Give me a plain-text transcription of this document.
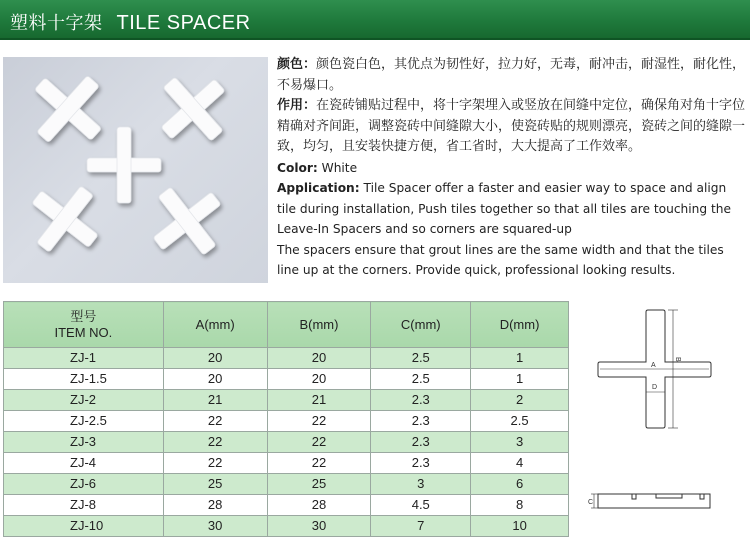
塑料十字架 TILE SPACER
颜色：颜色瓷白色，其优点为韧性好，拉力好，无毒，耐冲击，耐湿性，耐化性，不易爆口。
作用：在瓷砖铺贴过程中，将十字架埋入或竖放在间缝中定位，确保角对角十字位精确对齐间距，调整瓷砖中间缝隙大小，使瓷砖贴的规则漂亮，瓷砖之间的缝隙一致，均匀，且安装快捷方便，省工省时，大大提高了工作效率。
Color: White
Application: Tile Spacer offer a faster and easier way to space and align tile during installation, Push tiles together so that all tiles are touching the Leave-In Spacers and so corners are squared-up
The spacers ensure that grout lines are the same width and that the tiles line up at the corners. Provide quick, professional looking results.
型号
ITEM NO.	A(mm)	B(mm)	C(mm)	D(mm)
ZJ-1	20	20	2.5	1
ZJ-1.5	20	20	2.5	1
ZJ-2	21	21	2.3	2
ZJ-2.5	22	22	2.3	2.5
ZJ-3	22	22	2.3	3
ZJ-4	22	22	2.3	4
ZJ-6	25	25	3	6
ZJ-8	28	28	4.5	8
ZJ-10	30	30	7	10
A
B
D
C
